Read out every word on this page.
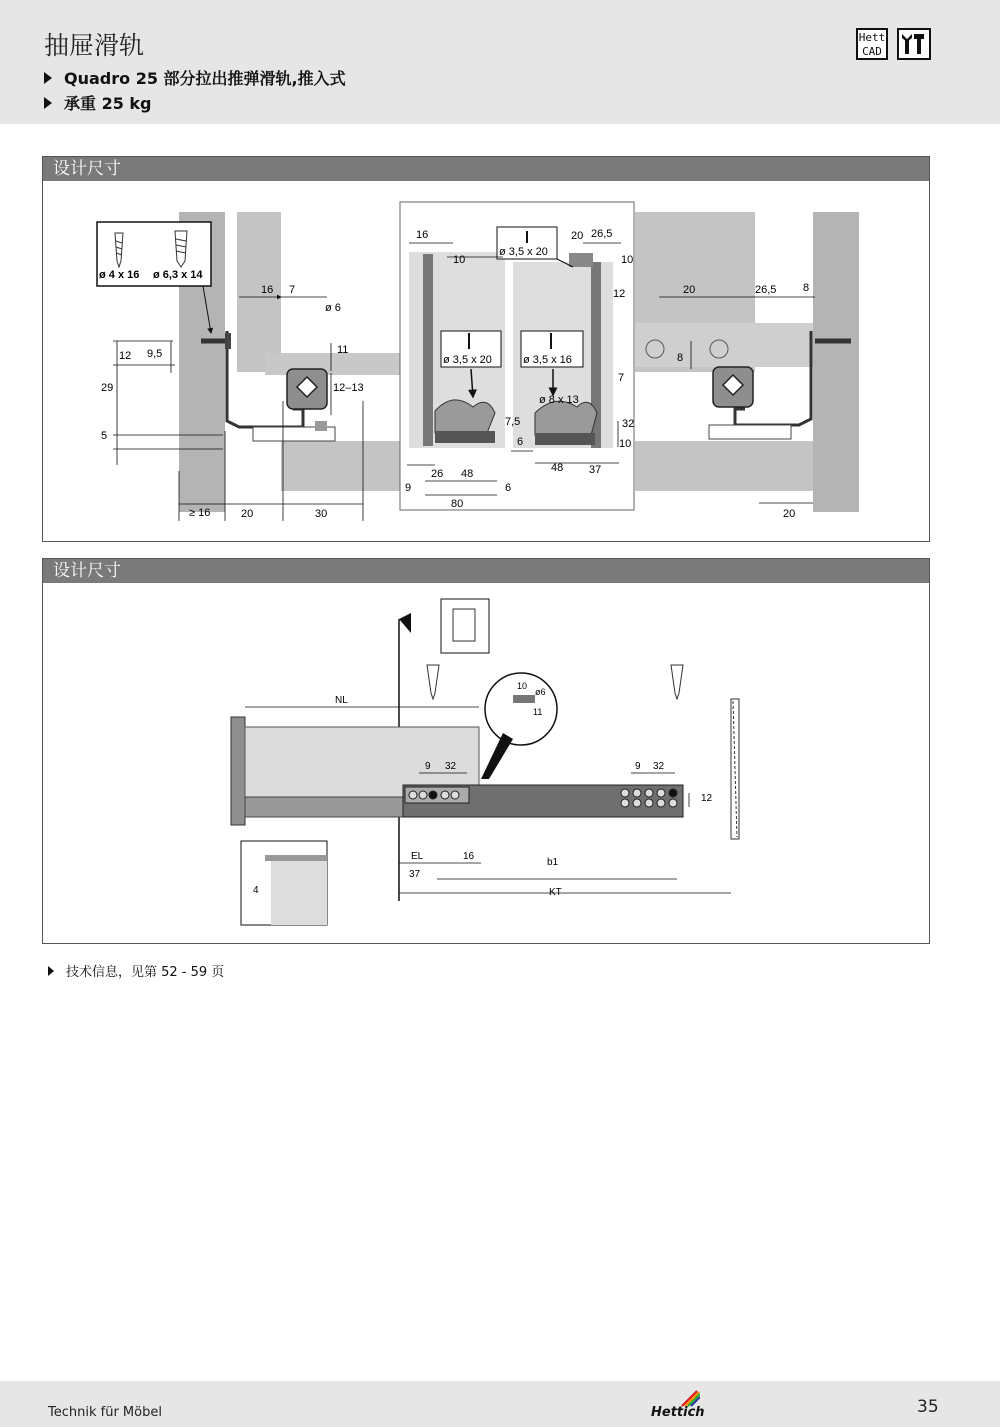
抽屉滑轨
Quadro 25 部分拉出推弹滑轨,推入式
承重 25 kg
Hett
CAD
设计尺寸
ø 4 x 16 ø 6,3 x 14
16 7
ø 6
12 9,5
29
5
11
12–13
≥ 16	20	30
ø 3,5 x 20	ø 3,5 x 16
ø 3,5 x 20
ø 8 x 13
16
10
20 26,5
10
12
7
32
10
7,5
6
26 48
9	6
80
48 37
20	26,5 8
8
20
设计尺寸
NL
9 32	9 32
12
10
ø6
11
EL	16
b1
37
KT
4
技术信息，见第 52 - 59 页
Technik für Möbel	Hettich	35
